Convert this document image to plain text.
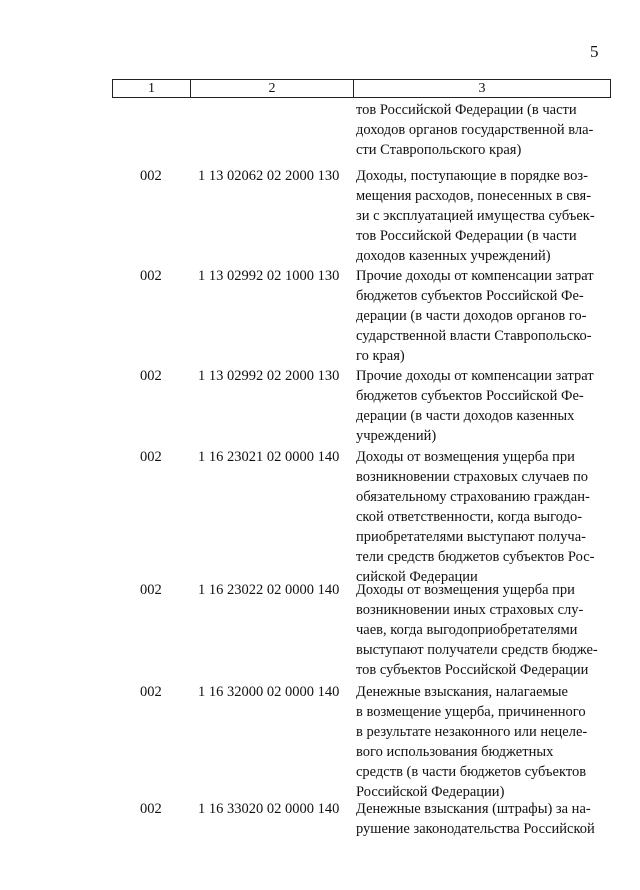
5
1	2	3
тов Российской Федерации (в части
доходов органов государственной вла-
сти Ставропольского края)
002	1 13 02062 02 2000 130 Доходы, поступающие в порядке воз-
мещения расходов, понесенных в свя-
зи с эксплуатацией имущества субъек-
тов Российской Федерации (в части
доходов казенных учреждений)
002	1 13 02992 02 1000 130 Прочие доходы от компенсации затрат
бюджетов субъектов Российской Фе-
дерации (в части доходов органов го-
сударственной власти Ставропольско-
го края)
002	1 13 02992 02 2000 130 Прочие доходы от компенсации затрат
бюджетов субъектов Российской Фе-
дерации (в части доходов казенных
учреждений)
002	1 16 23021 02 0000 140 Доходы от возмещения ущерба при
возникновении страховых случаев по
обязательному страхованию граждан-
ской ответственности, когда выгодо-
приобретателями выступают получа-
тели средств бюджетов субъектов Рос-
сийской Федерации
002	1 16 23022 02 0000 140 Доходы от возмещения ущерба при
возникновении иных страховых слу-
чаев, когда выгодоприобретателями
выступают получатели средств бюдже-
тов субъектов Российской Федерации
002	1 16 32000 02 0000 140 Денежные взыскания, налагаемые
в возмещение ущерба, причиненного
в результате незаконного или нецеле-
вого использования бюджетных
средств (в части бюджетов субъектов
Российской Федерации)
002	1 16 33020 02 0000 140 Денежные взыскания (штрафы) за на-
рушение законодательства Российской
